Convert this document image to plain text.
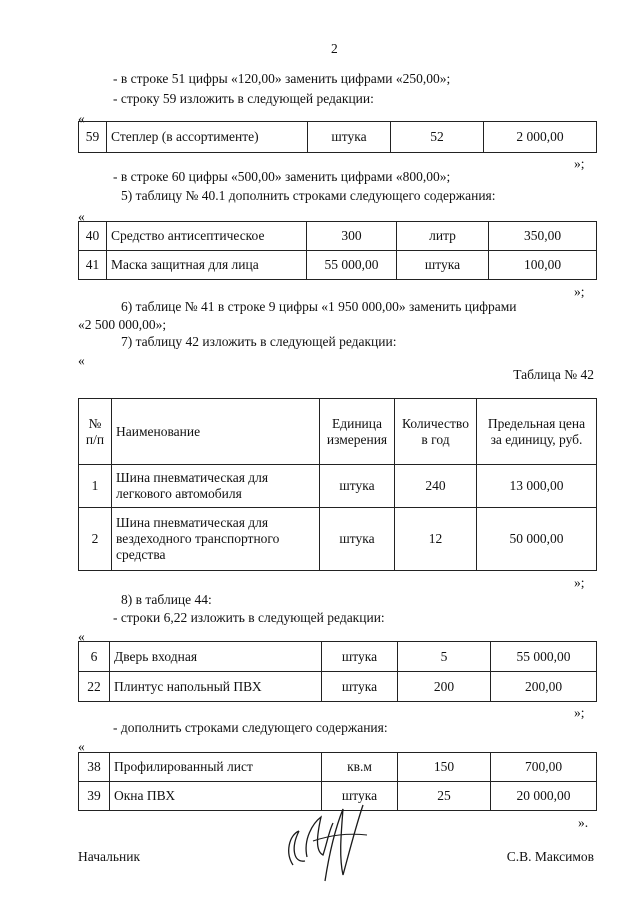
2
- в строке 51 цифры «120,00» заменить цифрами «250,00»;
- строку 59 изложить в следующей редакции:
«
59	Степлер (в ассортименте)	штука	52	2 000,00
»;
- в строке 60 цифры «500,00» заменить цифрами «800,00»;
5) таблицу № 40.1 дополнить строками следующего содержания:
«
40	Средство антисептическое	300	литр	350,00
41	Маска защитная для лица	55 000,00	штука	100,00
»;
6) таблице № 41 в строке 9 цифры «1 950 000,00» заменить цифрами
«2 500 000,00»;
7) таблицу 42 изложить в следующей редакции:
«
Таблица № 42
№ п/п	Наименование	Единица измерения	Количество в год	Предельная цена за единицу, руб.
1	Шина пневматическая для легкового автомобиля	штука	240	13 000,00
2	Шина пневматическая для вездеходного транспортного средства	штука	12	50 000,00
»;
8) в таблице 44:
- строки 6,22 изложить в следующей редакции:
«
6	Дверь входная	штука	5	55 000,00
22	Плинтус напольный ПВХ	штука	200	200,00
»;
- дополнить строками следующего содержания:
«
38	Профилированный лист	кв.м	150	700,00
39	Окна ПВХ	штука	25	20 000,00
».
Начальник	С.В. Максимов
